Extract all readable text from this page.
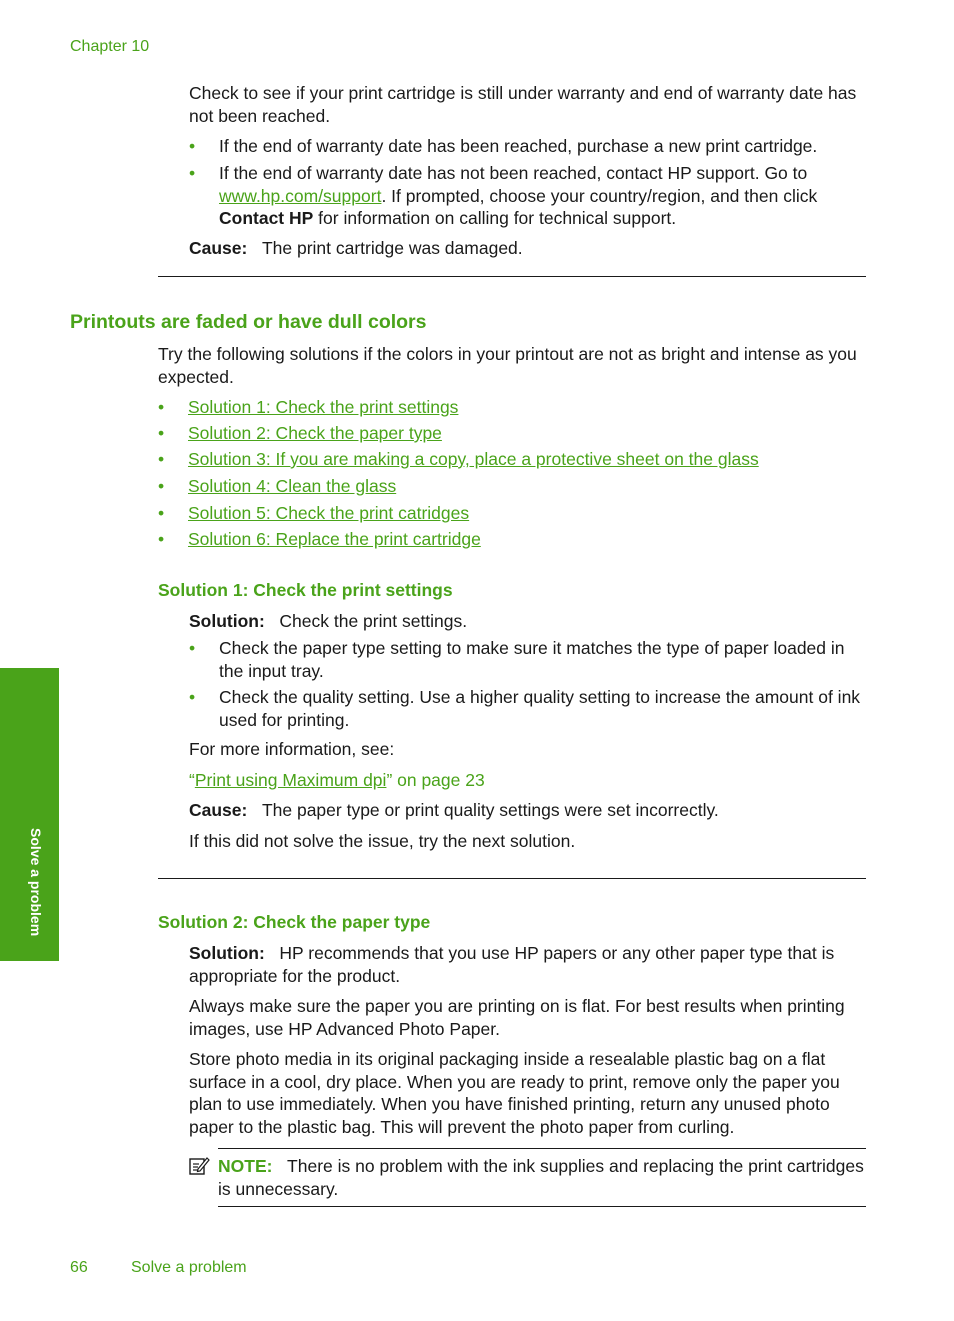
Chapter 10
Check to see if your print cartridge is still under warranty and end of warranty date has not been reached.
• If the end of warranty date has been reached, purchase a new print cartridge.
• If the end of warranty date has not been reached, contact HP support. Go to
www.hp.com/support. If prompted, choose your country/region, and then click
Contact HP for information on calling for technical support.
Cause: The print cartridge was damaged.
Printouts are faded or have dull colors
Try the following solutions if the colors in your printout are not as bright and intense as you expected.
• Solution 1: Check the print settings
• Solution 2: Check the paper type
• Solution 3: If you are making a copy, place a protective sheet on the glass
• Solution 4: Clean the glass
• Solution 5: Check the print catridges
• Solution 6: Replace the print cartridge
Solution 1: Check the print settings
Solution: Check the print settings.
• Check the paper type setting to make sure it matches the type of paper loaded in the input tray.
• Check the quality setting. Use a higher quality setting to increase the amount of ink used for printing.
For more information, see:
“Print using Maximum dpi” on page 23
Cause: The paper type or print quality settings were set incorrectly.
If this did not solve the issue, try the next solution.
Solution 2: Check the paper type
Solution: HP recommends that you use HP papers or any other paper type that is appropriate for the product.
Always make sure the paper you are printing on is flat. For best results when printing images, use HP Advanced Photo Paper.
Store photo media in its original packaging inside a resealable plastic bag on a flat surface in a cool, dry place. When you are ready to print, remove only the paper you plan to use immediately. When you have finished printing, return any unused photo paper to the plastic bag. This will prevent the photo paper from curling.
NOTE: There is no problem with the ink supplies and replacing the print cartridges is unnecessary.
Solve a problem
66	Solve a problem
